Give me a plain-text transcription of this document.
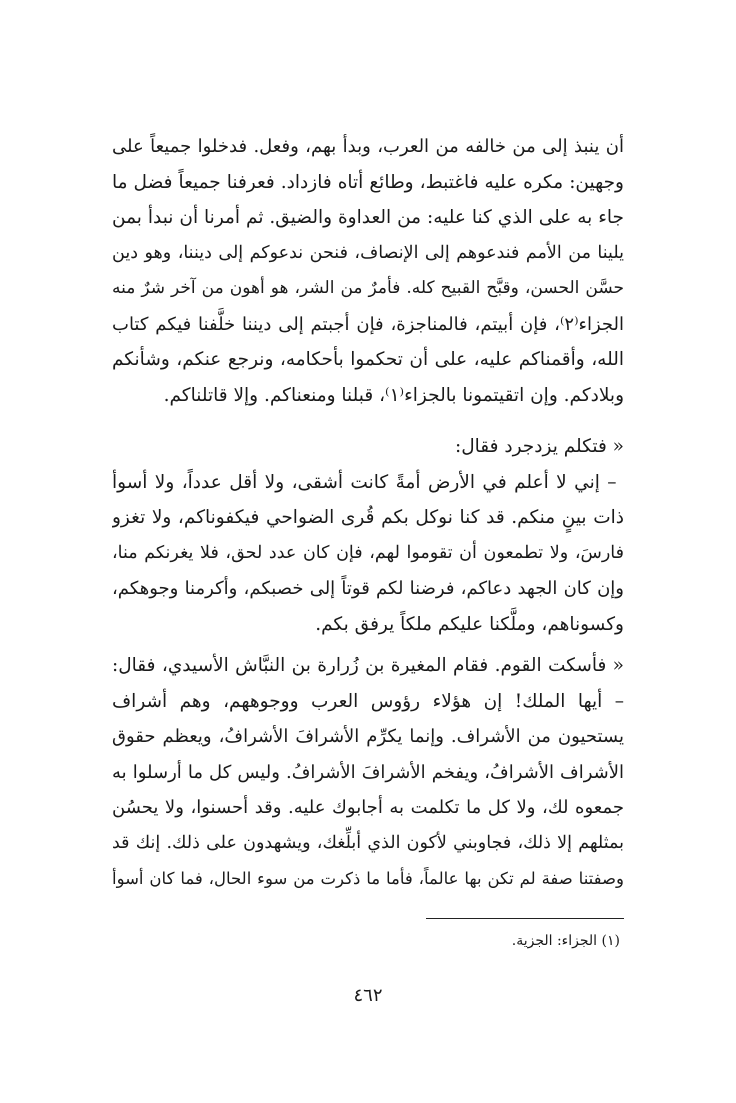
أن ينبذ إلى من خالفه من العرب، وبدأ بهم، وفعل. فدخلوا جميعاً على
وجهين: مكره عليه فاغتبط، وطائع أتاه فازداد. فعرفنا جميعاً فضل ما
جاء به على الذي كنا عليه: من العداوة والضيق. ثم أمرنا أن نبدأ بمن
يلينا من الأمم فندعوهم إلى الإنصاف، فنحن ندعوكم إلى ديننا، وهو دين
حسَّن الحسن، وقبَّح القبيح كله. فأمرٌ من الشر، هو أهون من آخر شرٌ منه
الجزاء⁽٢⁾، فإن أبيتم، فالمناجزة، فإن أجبتم إلى ديننا خلَّفنا فيكم كتاب
الله، وأقمناكم عليه، على أن تحكموا بأحكامه، ونرجع عنكم، وشأنكم
وبلادكم. وإن اتقيتمونا بالجزاء⁽١⁾، قبلنا ومنعناكم. وإلا قاتلناكم.
« فتكلم يزدجرد فقال:
ْ – إني لا أعلم في الأرض أمةً كانت أشقى، ولا أقل عدداً، ولا أسوأ
ذات بينٍ منكم. قد كنا نوكل بكم قُرى الضواحي فيكفوناكم، ولا تغزو
فارسَ، ولا تطمعون أن تقوموا لهم، فإن كان عدد لحق، فلا يغرنكم منا،
وإن كان الجهد دعاكم، فرضنا لكم قوتاً إلى خصبكم، وأكرمنا وجوهكم،
وكسوناهم، وملَّكنا عليكم ملكاً يرفق بكم.
« فأسكت القوم. فقام المغيرة بن زُرارة بن النبَّاش الأسيدي، فقال:
– أيها الملك! إن هؤلاء رؤوس العرب ووجوههم، وهم أشراف
يستحيون من الأشراف. وإنما يكرِّم الأشرافَ الأشرافُ، ويعظم حقوق
الأشراف الأشرافُ، ويفخم الأشرافَ الأشرافُ. وليس كل ما أرسلوا به
جمعوه لك، ولا كل ما تكلمت به أجابوك عليه. وقد أحسنوا، ولا يحسُن
بمثلهم إلا ذلك، فجاوبني لأكون الذي أبلِّغك، ويشهدون على ذلك. إنك قد
وصفتنا صفة لم تكن بها عالماً، فأما ما ذكرت من سوء الحال، فما كان أسوأ
(١) الجزاء: الجزية.
٤٦٢
